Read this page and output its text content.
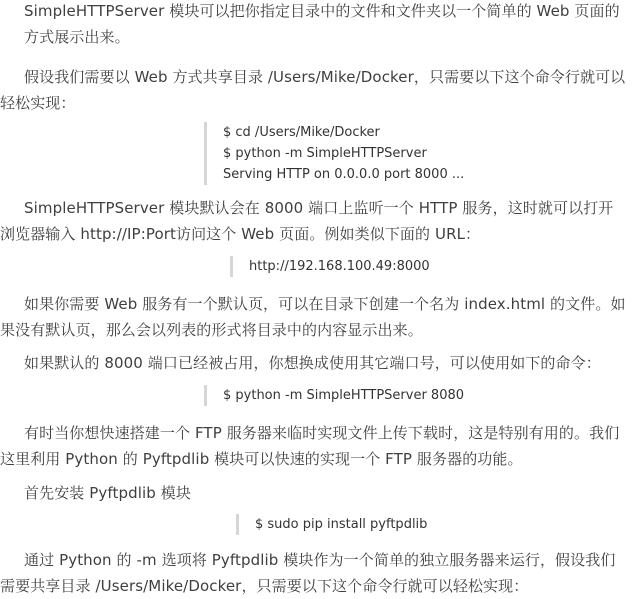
SimpleHTTPServer 模块可以把你指定目录中的文件和文件夹以一个简单的 Web 页面的方式展示出来。

假设我们需要以 Web 方式共享目录 /Users/Mike/Docker，只需要以下这个命令行就可以轻松实现：

$ cd /Users/Mike/Docker
$ python -m SimpleHTTPServer
Serving HTTP on 0.0.0.0 port 8000 ...

SimpleHTTPServer 模块默认会在 8000 端口上监听一个 HTTP 服务，这时就可以打开浏览器输入 http://IP:Port访问这个 Web 页面。例如类似下面的 URL：

http://192.168.100.49:8000

如果你需要 Web 服务有一个默认页，可以在目录下创建一个名为 index.html 的文件。如果没有默认页，那么会以列表的形式将目录中的内容显示出来。

如果默认的 8000 端口已经被占用，你想换成使用其它端口号，可以使用如下的命令：

$ python -m SimpleHTTPServer 8080

有时当你想快速搭建一个 FTP 服务器来临时实现文件上传下载时，这是特别有用的。我们这里利用 Python 的 Pyftpdlib 模块可以快速的实现一个 FTP 服务器的功能。

首先安装 Pyftpdlib 模块

$ sudo pip install pyftpdlib

通过 Python 的 -m 选项将 Pyftpdlib 模块作为一个简单的独立服务器来运行，假设我们需要共享目录 /Users/Mike/Docker，只需要以下这个命令行就可以轻松实现：
